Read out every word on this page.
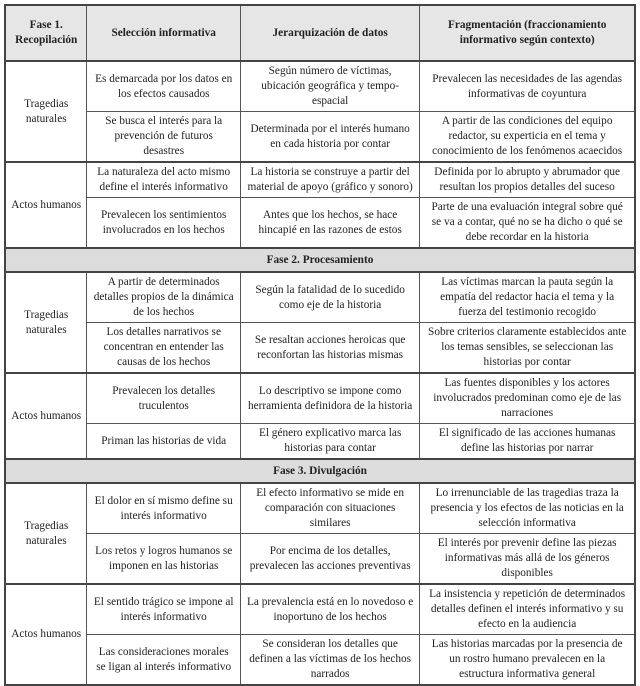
Fase 1. Recopilación	Selección informativa	Jerarquización de datos	Fragmentación (fraccionamiento informativo según contexto)
Tragedias naturales	Es demarcada por los datos en los efectos causados	Según número de víctimas, ubicación geográfica y tempo-espacial	Prevalecen las necesidades de las agendas informativas de coyuntura
	Se busca el interés para la prevención de futuros desastres	Determinada por el interés humano en cada historia por contar	A partir de las condiciones del equipo redactor, su experticia en el tema y conocimiento de los fenómenos acaecidos
Actos humanos	La naturaleza del acto mismo define el interés informativo	La historia se construye a partir del material de apoyo (gráfico y sonoro)	Definida por lo abrupto y abrumador que resultan los propios detalles del suceso
	Prevalecen los sentimientos involucrados en los hechos	Antes que los hechos, se hace hincapié en las razones de estos	Parte de una evaluación integral sobre qué se va a contar, qué no se ha dicho o qué se debe recordar en la historia
Fase 2. Procesamiento			
Tragedias naturales	A partir de determinados detalles propios de la dinámica de los hechos	Según la fatalidad de lo sucedido como eje de la historia	Las víctimas marcan la pauta según la empatía del redactor hacia el tema y la fuerza del testimonio recogido
	Los detalles narrativos se concentran en entender las causas de los hechos	Se resaltan acciones heroicas que reconfortan las historias mismas	Sobre criterios claramente establecidos ante los temas sensibles, se seleccionan las historias por contar
Actos humanos	Prevalecen los detalles truculentos	Lo descriptivo se impone como herramienta definidora de la historia	Las fuentes disponibles y los actores involucrados predominan como eje de las narraciones
	Priman las historias de vida	El género explicativo marca las historias para contar	El significado de las acciones humanas define las historias por narrar
Fase 3. Divulgación			
Tragedias naturales	El dolor en sí mismo define su interés informativo	El efecto informativo se mide en comparación con situaciones similares	Lo irrenunciable de las tragedias traza la presencia y los efectos de las noticias en la selección informativa
	Los retos y logros humanos se imponen en las historias	Por encima de los detalles, prevalecen las acciones preventivas	El interés por prevenir define las piezas informativas más allá de los géneros disponibles
Actos humanos	El sentido trágico se impone al interés informativo	La prevalencia está en lo novedoso e inoportuno de los hechos	La insistencia y repetición de determinados detalles definen el interés informativo y su efecto en la audiencia
	Las consideraciones morales se ligan al interés informativo	Se consideran los detalles que definen a las víctimas de los hechos narrados	Las historias marcadas por la presencia de un rostro humano prevalecen en la estructura informativa general
